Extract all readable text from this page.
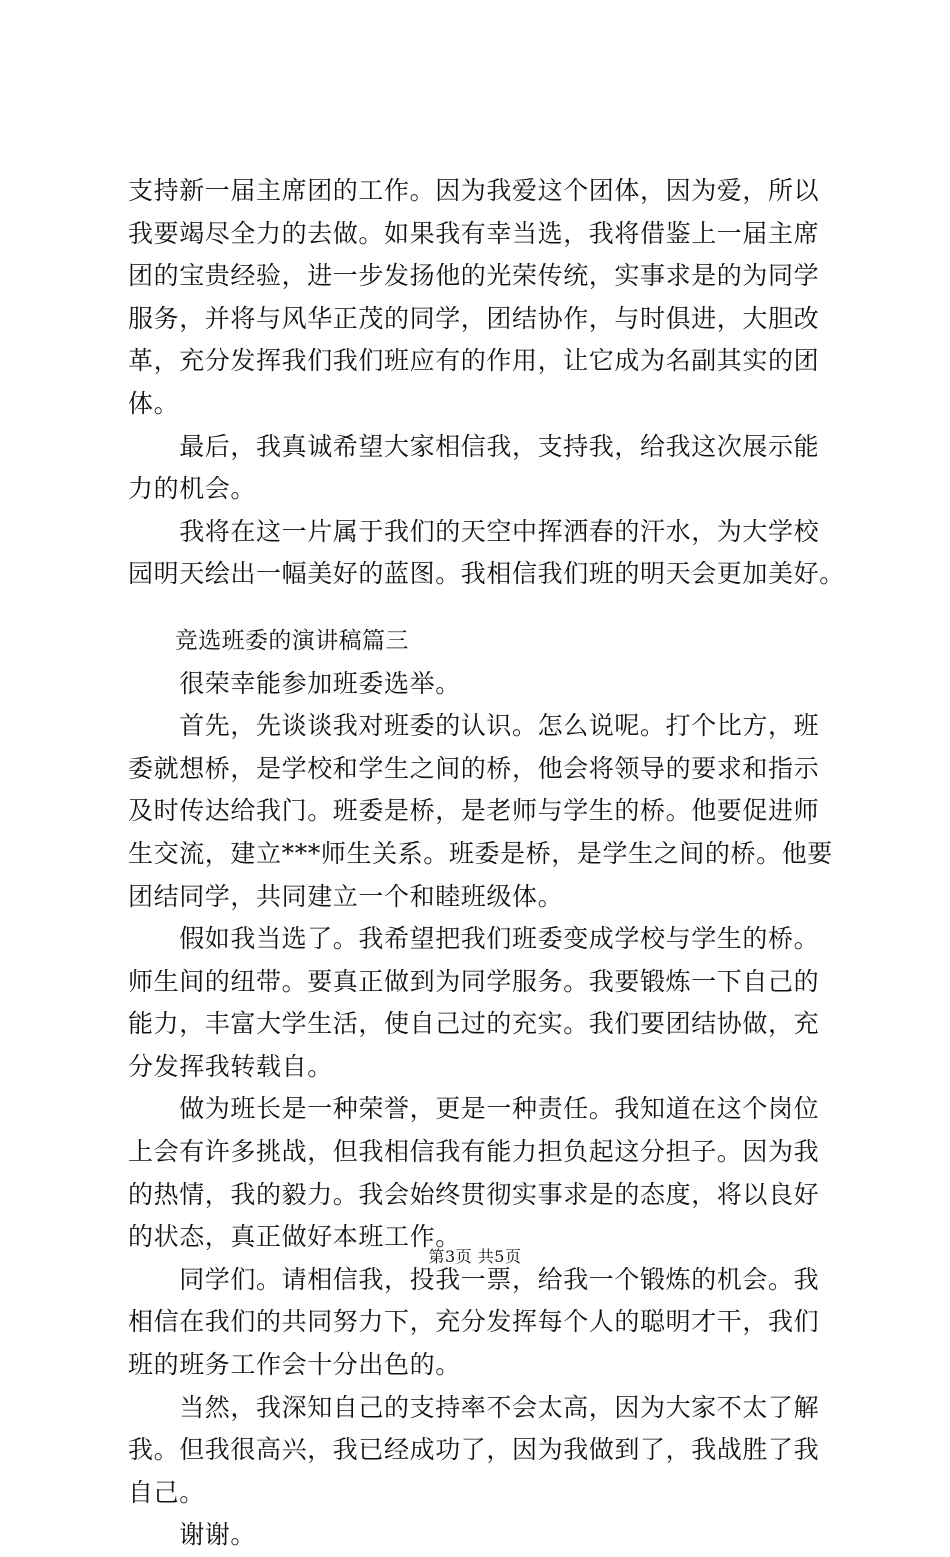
支持新一届主席团的工作。因为我爱这个团体，因为爱，所以
我要竭尽全力的去做。如果我有幸当选，我将借鉴上一届主席
团的宝贵经验，进一步发扬他的光荣传统，实事求是的为同学
服务，并将与风华正茂的同学，团结协作，与时俱进，大胆改
革，充分发挥我们我们班应有的作用，让它成为名副其实的团
体。
　　最后，我真诚希望大家相信我，支持我，给我这次展示能
力的机会。
　　我将在这一片属于我们的天空中挥洒春的汗水，为大学校
园明天绘出一幅美好的蓝图。我相信我们班的明天会更加美好。
　　竞选班委的演讲稿篇三
　　很荣幸能参加班委选举。
　　首先，先谈谈我对班委的认识。怎么说呢。打个比方，班
委就想桥，是学校和学生之间的桥，他会将领导的要求和指示
及时传达给我门。班委是桥，是老师与学生的桥。他要促进师
生交流，建立***师生关系。班委是桥，是学生之间的桥。他要
团结同学，共同建立一个和睦班级体。
　　假如我当选了。我希望把我们班委变成学校与学生的桥。
师生间的纽带。要真正做到为同学服务。我要锻炼一下自己的
能力，丰富大学生活，使自己过的充实。我们要团结协做，充
分发挥我转载自。
　　做为班长是一种荣誉，更是一种责任。我知道在这个岗位
上会有许多挑战，但我相信我有能力担负起这分担子。因为我
的热情，我的毅力。我会始终贯彻实事求是的态度，将以良好
的状态，真正做好本班工作。
　　同学们。请相信我，投我一票，给我一个锻炼的机会。我
相信在我们的共同努力下，充分发挥每个人的聪明才干，我们
班的班务工作会十分出色的。
　　当然，我深知自己的支持率不会太高，因为大家不太了解
我。但我很高兴，我已经成功了，因为我做到了，我战胜了我
自己。
　　谢谢。
第3页 共5页
